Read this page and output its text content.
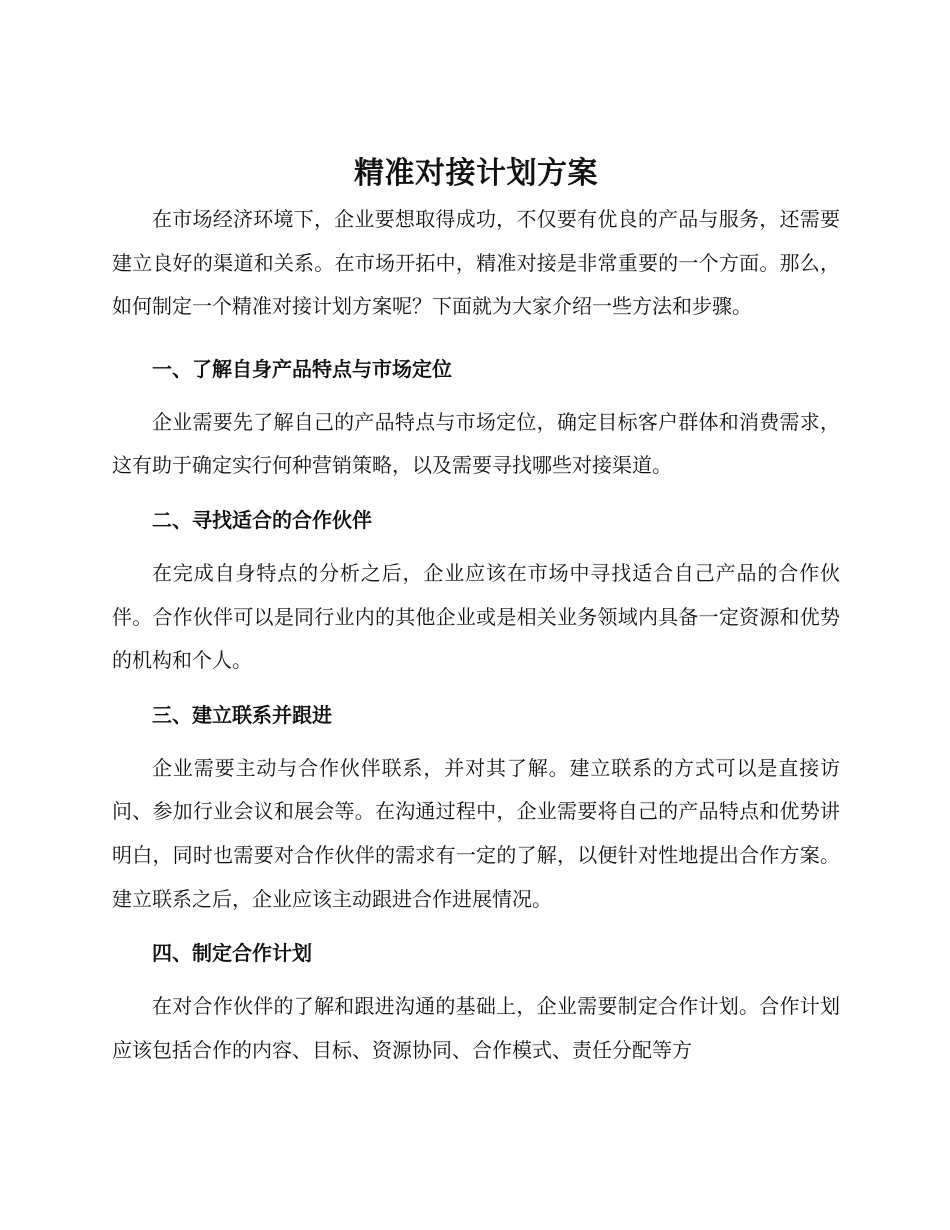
精准对接计划方案

在市场经济环境下，企业要想取得成功，不仅要有优良的产品与服务，还需要建立良好的渠道和关系。在市场开拓中，精准对接是非常重要的一个方面。那么，如何制定一个精准对接计划方案呢？下面就为大家介绍一些方法和步骤。

一、了解自身产品特点与市场定位

企业需要先了解自己的产品特点与市场定位，确定目标客户群体和消费需求，这有助于确定实行何种营销策略，以及需要寻找哪些对接渠道。

二、寻找适合的合作伙伴

在完成自身特点的分析之后，企业应该在市场中寻找适合自己产品的合作伙伴。合作伙伴可以是同行业内的其他企业或是相关业务领域内具备一定资源和优势的机构和个人。

三、建立联系并跟进

企业需要主动与合作伙伴联系，并对其了解。建立联系的方式可以是直接访问、参加行业会议和展会等。在沟通过程中，企业需要将自己的产品特点和优势讲明白，同时也需要对合作伙伴的需求有一定的了解，以便针对性地提出合作方案。建立联系之后，企业应该主动跟进合作进展情况。

四、制定合作计划

在对合作伙伴的了解和跟进沟通的基础上，企业需要制定合作计划。合作计划应该包括合作的内容、目标、资源协同、合作模式、责任分配等方
